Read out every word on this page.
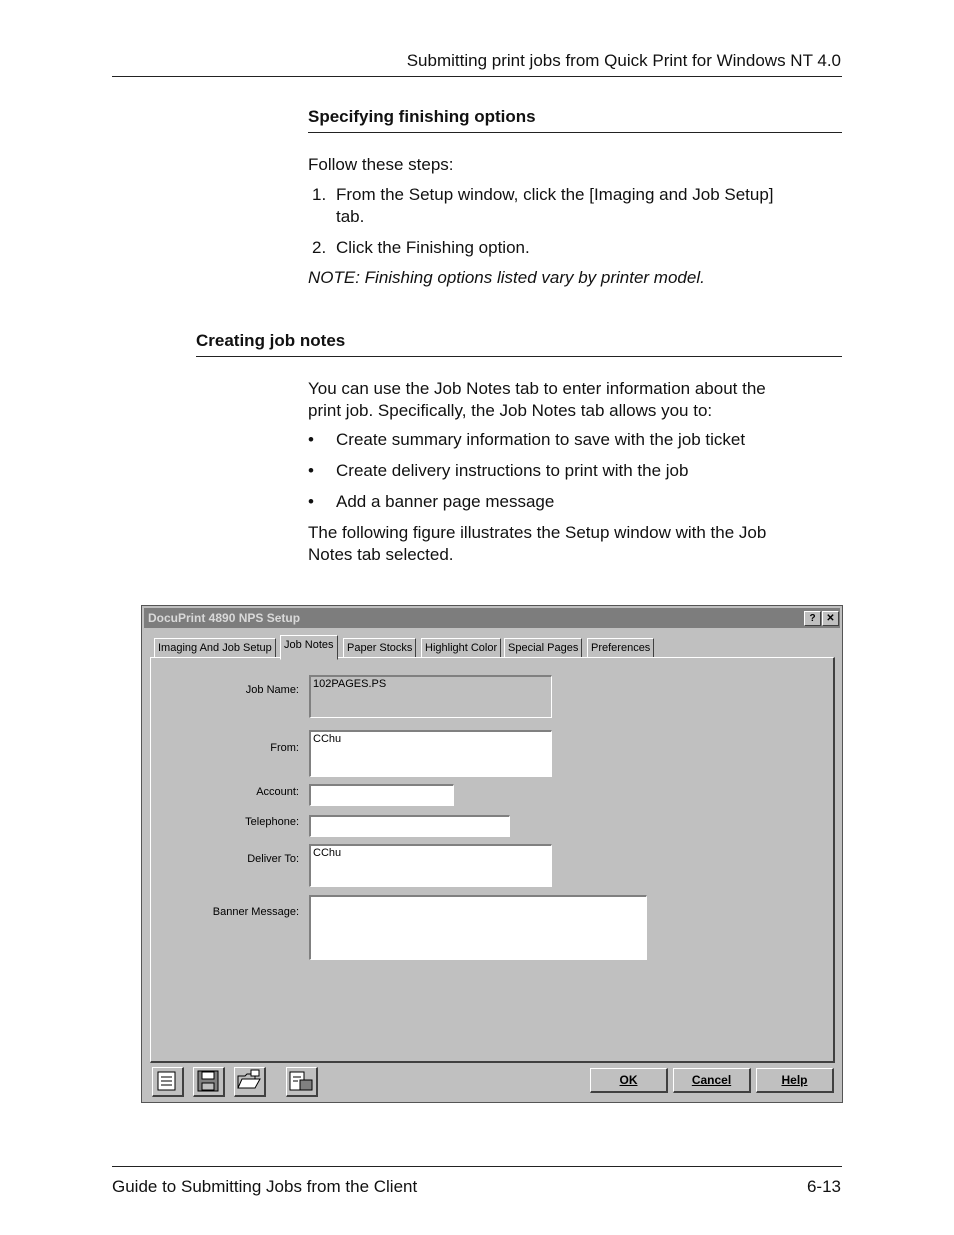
Submitting print jobs from Quick Print for Windows NT 4.0
Specifying finishing options
Follow these steps:
1. From the Setup window, click the [Imaging and Job Setup]
tab.
2. Click the Finishing option.
NOTE: Finishing options listed vary by printer model.
Creating job notes
You can use the Job Notes tab to enter information about the
print job. Specifically, the Job Notes tab allows you to:
• Create summary information to save with the job ticket
• Create delivery instructions to print with the job
• Add a banner page message
The following figure illustrates the Setup window with the Job
Notes tab selected.
DocuPrint 4890 NPS Setup	?	✕
Imaging And Job Setup	Job Notes	Paper Stocks	Highlight Color Special Pages	Preferences
Job Name:	102PAGES.PS
From:
CChu
Account:
Telephone:
Deliver To:	CChu
Banner Message:
OK	Cancel	Help
Guide to Submitting Jobs from the Client	6-13
